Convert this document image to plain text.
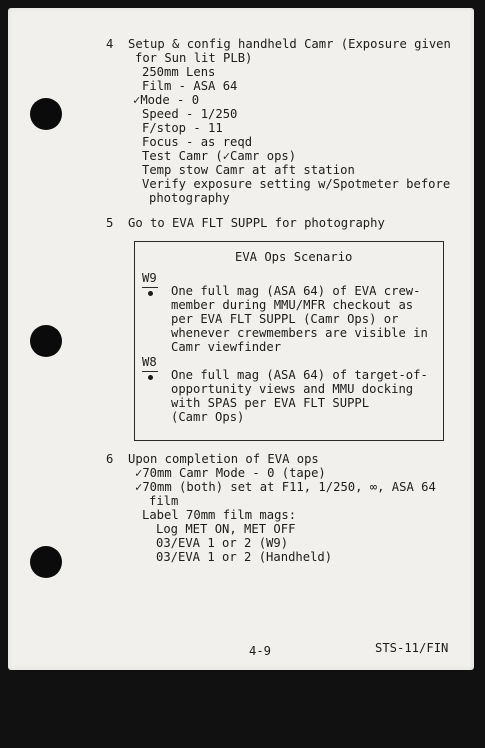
4

Setup & config handheld Camr (Exposure given

for Sun lit PLB)

250mm Lens

Film - ASA 64

✓Mode - 0

Speed - 1/250

F/stop - 11

Focus - as reqd

Test Camr (✓Camr ops)

Temp stow Camr at aft station

Verify exposure setting w/Spotmeter before

photography

5

Go to EVA FLT SUPPL for photography

EVA Ops Scenario

W9

One full mag (ASA 64) of EVA crew-

member during MMU/MFR checkout as

per EVA FLT SUPPL (Camr Ops) or

whenever crewmembers are visible in

Camr viewfinder

W8

One full mag (ASA 64) of target-of-

opportunity views and MMU docking

with SPAS per EVA FLT SUPPL

(Camr Ops)

6

Upon completion of EVA ops

✓70mm Camr Mode - 0 (tape)

✓70mm (both) set at F11, 1/250, ∞, ASA 64

film

Label 70mm film mags:

Log MET ON, MET OFF

03/EVA 1 or 2 (W9)

03/EVA 1 or 2 (Handheld)

4-9

	STS-11/FIN
